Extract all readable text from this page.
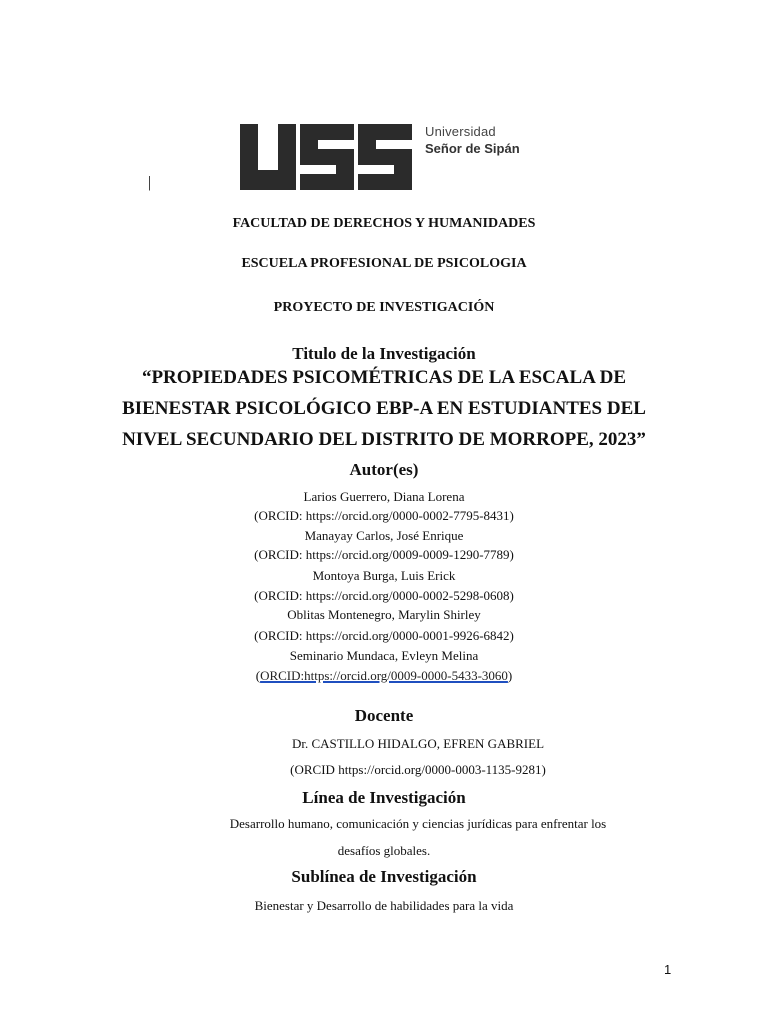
Universidad
Señor de Sipán
|
FACULTAD DE DERECHOS Y HUMANIDADES
ESCUELA PROFESIONAL DE PSICOLOGIA
PROYECTO DE INVESTIGACIÓN
Titulo de la Investigación
“PROPIEDADES PSICOMÉTRICAS DE LA ESCALA DE
BIENESTAR PSICOLÓGICO EBP-A EN ESTUDIANTES DEL
NIVEL SECUNDARIO DEL DISTRITO DE MORROPE, 2023”
Autor(es)
Larios Guerrero, Diana Lorena
(ORCID: https://orcid.org/0000-0002-7795-8431)
Manayay Carlos, José Enrique
(ORCID: https://orcid.org/0009-0009-1290-7789)
Montoya Burga, Luis Erick
(ORCID: https://orcid.org/0000-0002-5298-0608)
Oblitas Montenegro, Marylin Shirley
(ORCID: https://orcid.org/0000-0001-9926-6842)
Seminario Mundaca, Evleyn Melina
(ORCID:https://orcid.org/0009-0000-5433-3060)
Docente
Dr. CASTILLO HIDALGO, EFREN GABRIEL
(ORCID https://orcid.org/0000-0003-1135-9281)
Línea de Investigación
Desarrollo humano, comunicación y ciencias jurídicas para enfrentar los
desafíos globales.
Sublínea de Investigación
Bienestar y Desarrollo de habilidades para la vida
1
